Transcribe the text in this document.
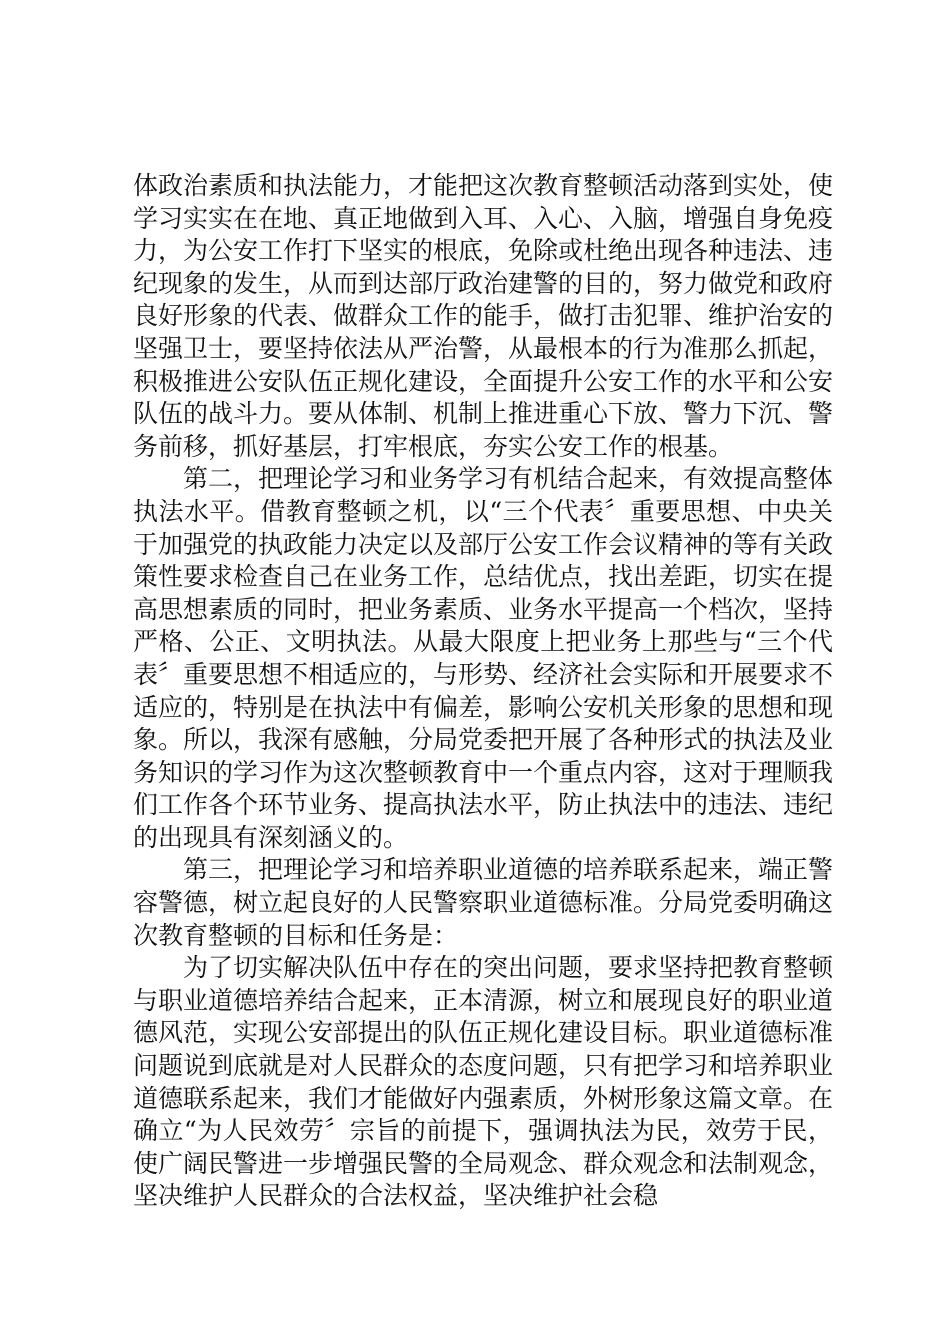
体政治素质和执法能力，才能把这次教育整顿活动落到实处，使学习实实在在地、真正地做到入耳、入心、入脑，增强自身免疫力，为公安工作打下坚实的根底，免除或杜绝出现各种违法、违纪现象的发生，从而到达部厅政治建警的目的，努力做党和政府良好形象的代表、做群众工作的能手，做打击犯罪、维护治安的坚强卫士，要坚持依法从严治警，从最根本的行为准那么抓起，积极推进公安队伍正规化建设，全面提升公安工作的水平和公安队伍的战斗力。要从体制、机制上推进重心下放、警力下沉、警务前移，抓好基层，打牢根底，夯实公安工作的根基。

第二，把理论学习和业务学习有机结合起来，有效提高整体执法水平。借教育整顿之机，以“三个代表〞重要思想、中央关于加强党的执政能力决定以及部厅公安工作会议精神的等有关政策性要求检查自己在业务工作，总结优点，找出差距，切实在提高思想素质的同时，把业务素质、业务水平提高一个档次，坚持严格、公正、文明执法。从最大限度上把业务上那些与“三个代表〞重要思想不相适应的，与形势、经济社会实际和开展要求不适应的，特别是在执法中有偏差，影响公安机关形象的思想和现象。所以，我深有感触，分局党委把开展了各种形式的执法及业务知识的学习作为这次整顿教育中一个重点内容，这对于理顺我们工作各个环节业务、提高执法水平，防止执法中的违法、违纪的出现具有深刻涵义的。

第三，把理论学习和培养职业道德的培养联系起来，端正警容警德，树立起良好的人民警察职业道德标准。分局党委明确这次教育整顿的目标和任务是：

为了切实解决队伍中存在的突出问题，要求坚持把教育整顿与职业道德培养结合起来，正本清源，树立和展现良好的职业道德风范，实现公安部提出的队伍正规化建设目标。职业道德标准问题说到底就是对人民群众的态度问题，只有把学习和培养职业道德联系起来，我们才能做好内强素质，外树形象这篇文章。在确立“为人民效劳〞宗旨的前提下，强调执法为民，效劳于民，使广阔民警进一步增强民警的全局观念、群众观念和法制观念，坚决维护人民群众的合法权益，坚决维护社会稳
